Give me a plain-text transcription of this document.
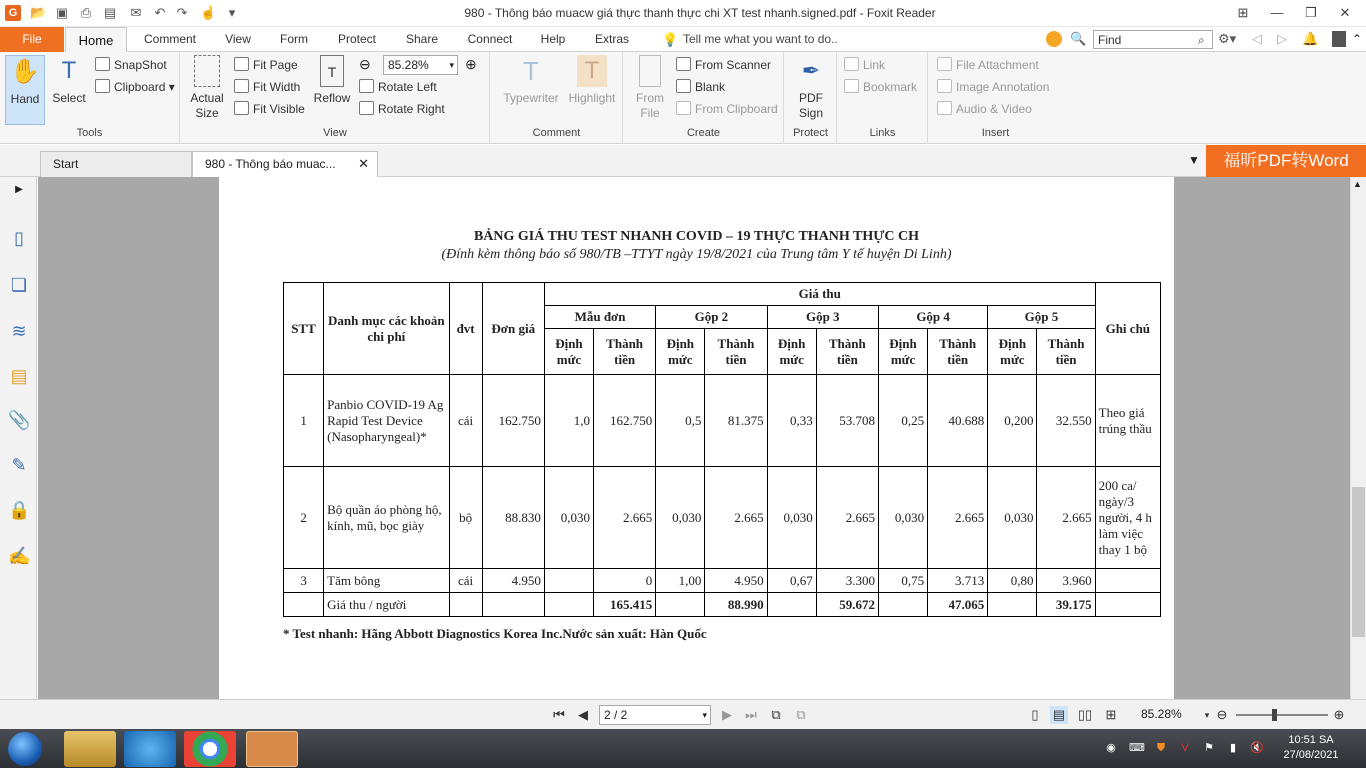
G 📂 ▣ ⎙ ▤ ✉ ↶ ↷ ☝ ▾	980 - Thông báo muacw giá thực thanh thực chi XT test nhanh.signed.pdf - Foxit Reader	⊞	—	❐	✕
File	Home	Comment	View	Form	Protect	Share	Connect	Help	Extras	💡 Tell me what you want to do..	🔍 Find	⌕ ⚙▾ ◁ ▷ 🔔	⌃
✋
Hand
T
Select
SnapShot
Clipboard ▾
Tools
Actual
Size
Fit Page
Fit Width
Fit Visible
T
Reflow
⊖	85.28% ▾ ⊕
Rotate Left
Rotate Right
View
T
Typewriter
T
Highlight
Comment
From
File
From Scanner
Blank
From Clipboard
Create
✒
PDF
Sign
Protect
Link
Bookmark
Links
File Attachment
Image Annotation
Audio & Video
Insert
Start	980 - Thông báo muac... ✕	▼	福昕PDF转Word
▶
▯
❏
≋
▤
📎
✎
🔒
✍
BẢNG GIÁ THU TEST NHANH COVID – 19 THỰC THANH THỰC CH
(Đính kèm thông báo số 980/TB –TTYT ngày 19/8/2021 của Trung tâm Y tế huyện Di Linh)
STT	Danh mục các khoản chi phí	đvt	Đơn giá	Giá thu										Ghi chú
				Mẫu đơn		Gộp 2		Gộp 3		Gộp 4		Gộp 5		
				Định mức	Thành tiền	Định mức	Thành tiền	Định mức	Thành tiền	Định mức	Thành tiền	Định mức	Thành tiền	
1	Panbio COVID-19 Ag Rapid Test Device (Nasopharyngeal)*	cái	162.750	1,0	162.750	0,5	81.375	0,33	53.708	0,25	40.688	0,200	32.550	Theo giá trúng thầu
2	Bộ quần áo phòng hộ, kính, mũ, bọc giày	bộ	88.830	0,030	2.665	0,030	2.665	0,030	2.665	0,030	2.665	0,030	2.665	200 ca/ ngày/3 người, 4 h làm việc thay 1 bộ
3	Tăm bông	cái	4.950		0	1,00	4.950	0,67	3.300	0,75	3.713	0,80	3.960	
	Giá thu / người				165.415		88.990		59.672		47.065		39.175	
* Test nhanh: Hãng Abbott Diagnostics Korea Inc.Nước sản xuất: Hàn Quốc
▲
⏮	◀	2 / 2	▾	▶	⏭	⧉	⧉	▯	▤ ▯▯ ⊞ 85.28%	▾ ⊖	⊕
◉ ⌨ ⛊	V	⚑	▮	🔇
10:51 SA
27/08/2021
